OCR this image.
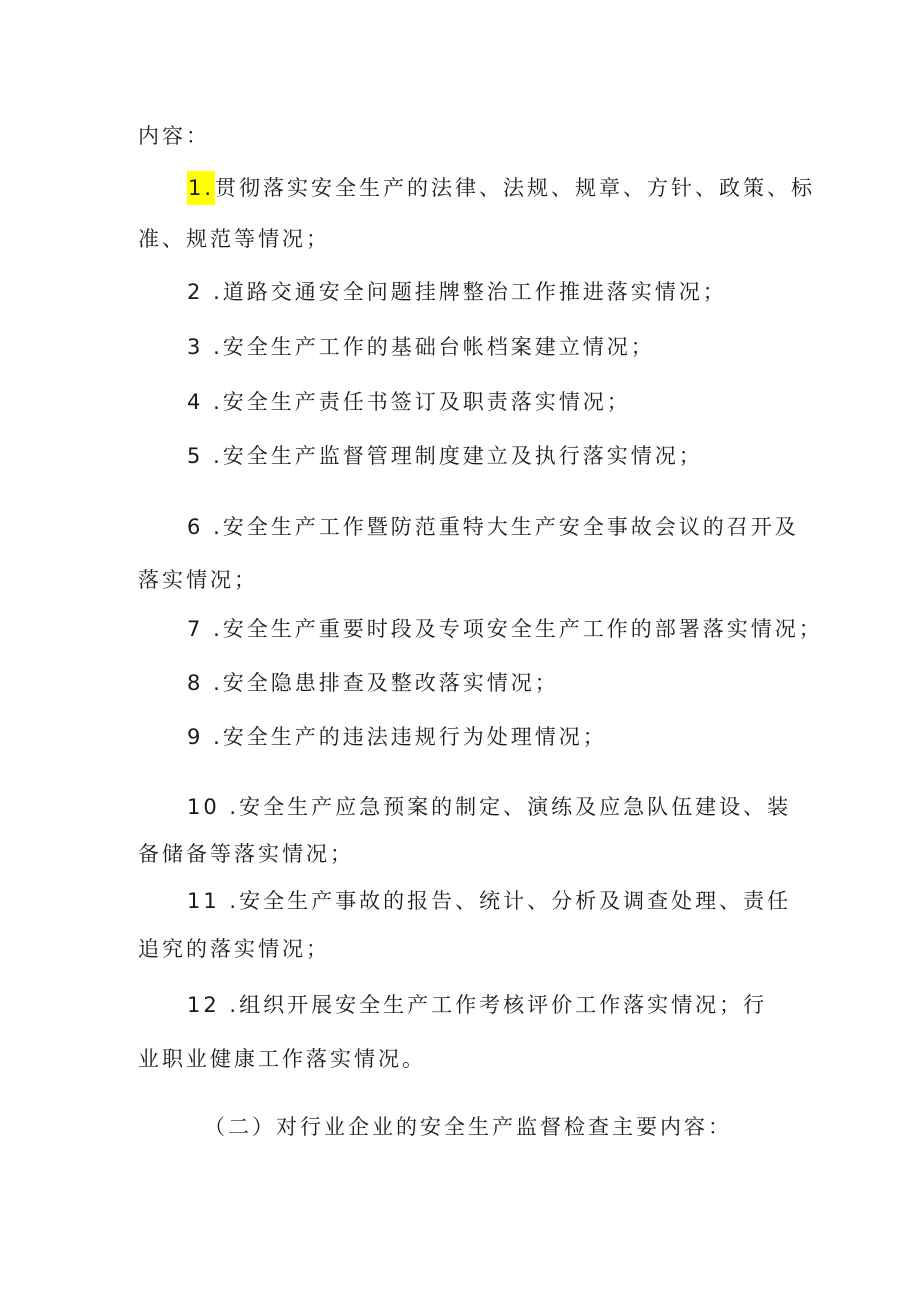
内容：
1.贯彻落实安全生产的法律、法规、规章、方针、政策、标
准、规范等情况；
2 .道路交通安全问题挂牌整治工作推进落实情况；
3 .安全生产工作的基础台帐档案建立情况；
4 .安全生产责任书签订及职责落实情况；
5 .安全生产监督管理制度建立及执行落实情况；
6 .安全生产工作暨防范重特大生产安全事故会议的召开及
落实情况；
7 .安全生产重要时段及专项安全生产工作的部署落实情况；
8 .安全隐患排查及整改落实情况；
9 .安全生产的违法违规行为处理情况；
10 .安全生产应急预案的制定、演练及应急队伍建设、装
备储备等落实情况；
11 .安全生产事故的报告、统计、分析及调查处理、责任
追究的落实情况；
12 .组织开展安全生产工作考核评价工作落实情况；行
业职业健康工作落实情况。
（二）对行业企业的安全生产监督检查主要内容：
